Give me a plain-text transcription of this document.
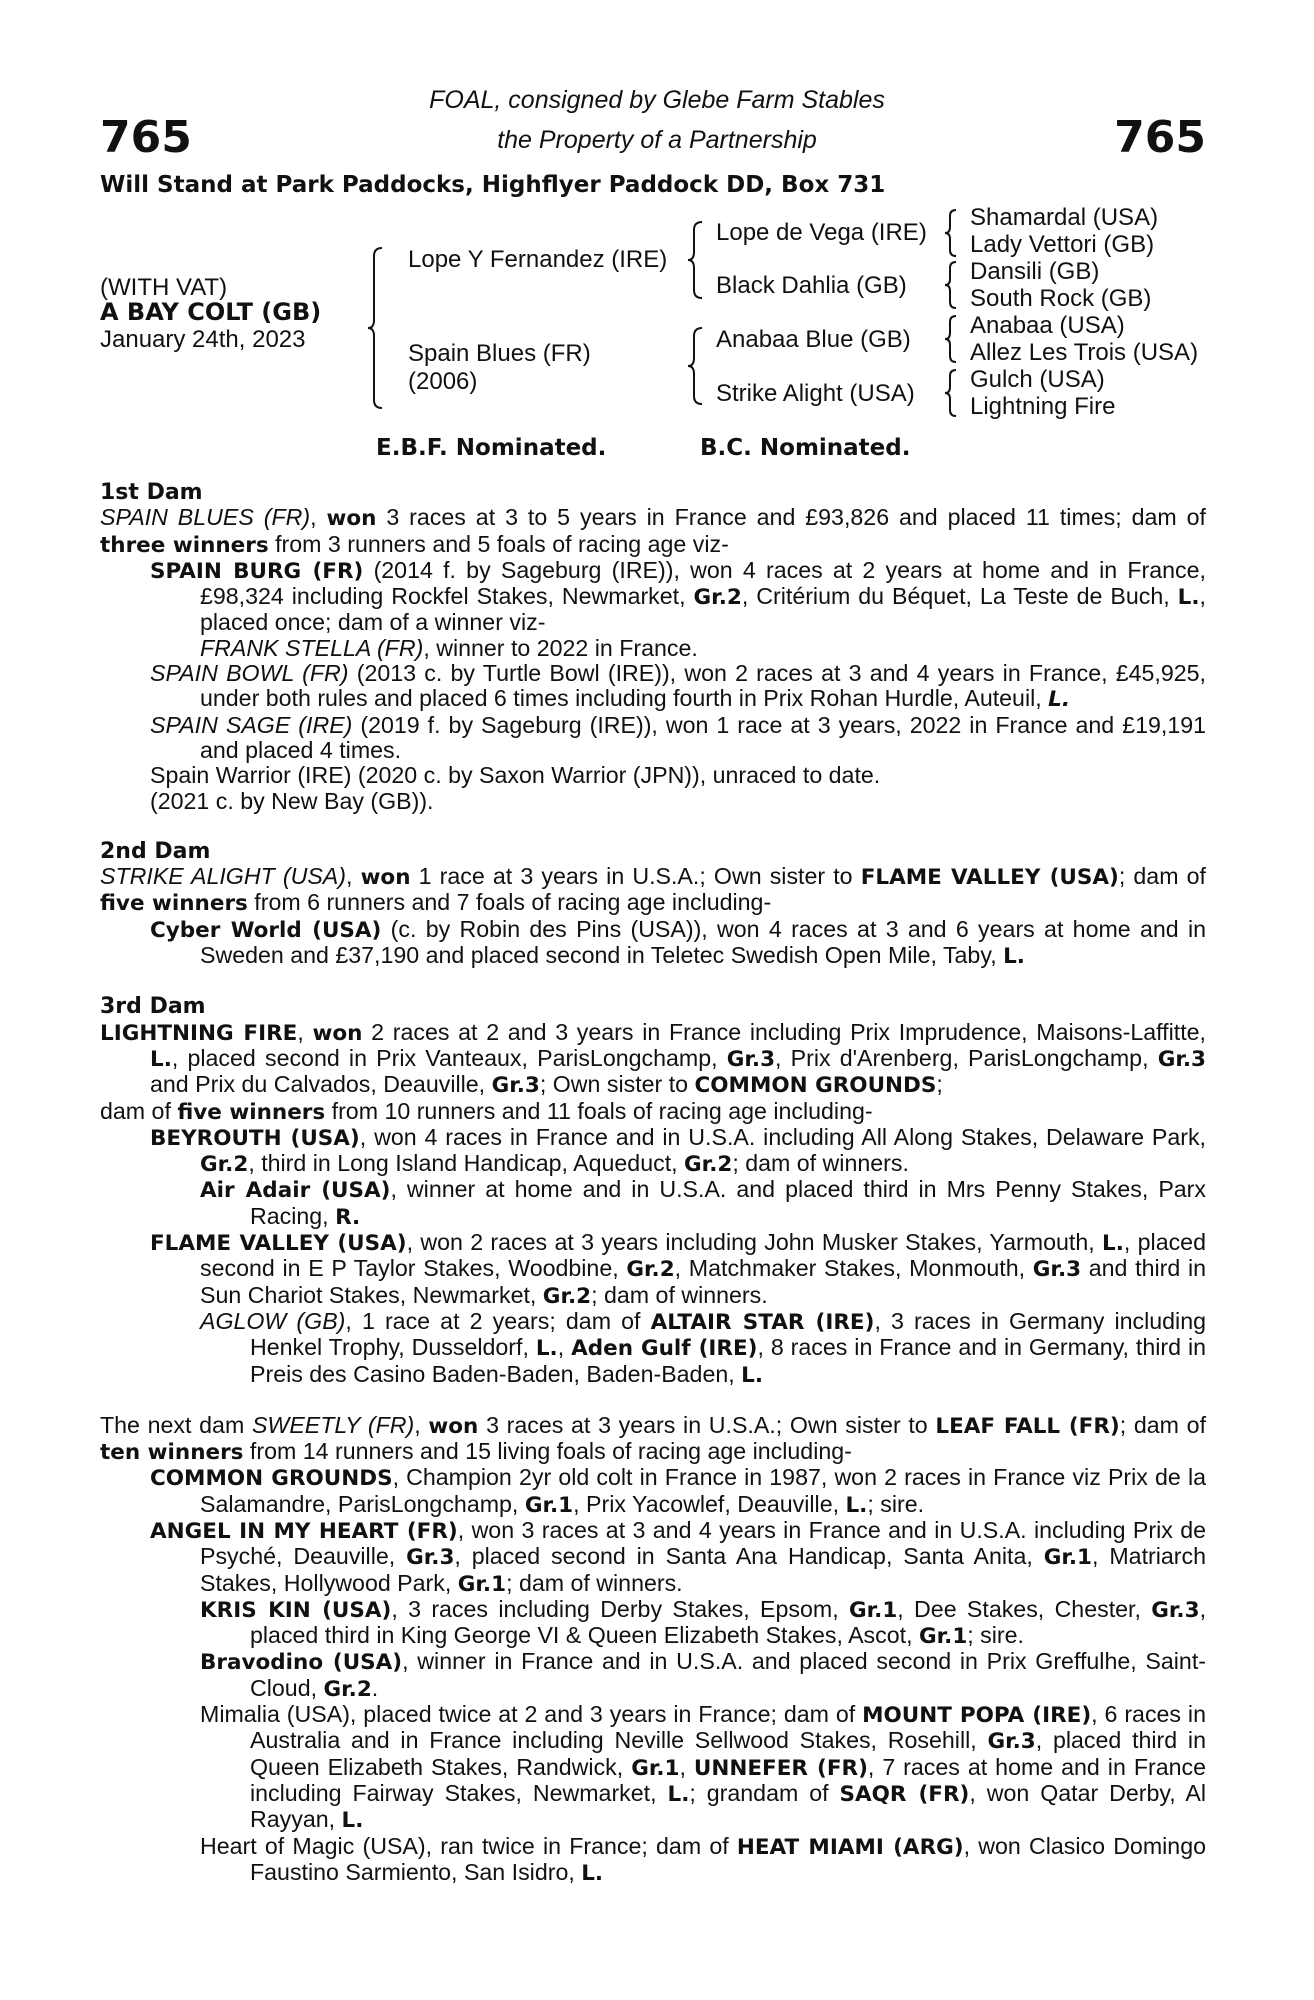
765	765
FOAL, consigned by Glebe Farm Stables
the Property of a Partnership
Will Stand at Park Paddocks, Highflyer Paddock DD, Box 731
(WITH VAT)
A BAY COLT (GB)
January 24th, 2023
Lope Y Fernandez (IRE)
Spain Blues (FR)
(2006)
Lope de Vega (IRE)
Black Dahlia (GB)
Anabaa Blue (GB)
Strike Alight (USA)
Shamardal (USA)
Lady Vettori (GB)
Dansili (GB)
South Rock (GB)
Anabaa (USA)
Allez Les Trois (USA)
Gulch (USA)
Lightning Fire
E.B.F. Nominated.	B.C. Nominated.
1st Dam

SPAIN BLUES (FR), won 3 races at 3 to 5 years in France and £93,826 and placed 11 times; dam of three winners from 3 runners and 5 foals of racing age viz-

SPAIN BURG (FR) (2014 f. by Sageburg (IRE)), won 4 races at 2 years at home and in France, £98,324 including Rockfel Stakes, Newmarket, Gr.2, Critérium du Béquet, La Teste de Buch, L., placed once; dam of a winner viz-

FRANK STELLA (FR), winner to 2022 in France.

SPAIN BOWL (FR) (2013 c. by Turtle Bowl (IRE)), won 2 races at 3 and 4 years in France, £45,925, under both rules and placed 6 times including fourth in Prix Rohan Hurdle, Auteuil, L.

SPAIN SAGE (IRE) (2019 f. by Sageburg (IRE)), won 1 race at 3 years, 2022 in France and £19,191 and placed 4 times.

Spain Warrior (IRE) (2020 c. by Saxon Warrior (JPN)), unraced to date.

(2021 c. by New Bay (GB)).

2nd Dam

STRIKE ALIGHT (USA), won 1 race at 3 years in U.S.A.; Own sister to FLAME VALLEY (USA); dam of five winners from 6 runners and 7 foals of racing age including-

Cyber World (USA) (c. by Robin des Pins (USA)), won 4 races at 3 and 6 years at home and in Sweden and £37,190 and placed second in Teletec Swedish Open Mile, Taby, L.

3rd Dam

LIGHTNING FIRE, won 2 races at 2 and 3 years in France including Prix Imprudence, Maisons-Laffitte, L., placed second in Prix Vanteaux, ParisLongchamp, Gr.3, Prix d'Arenberg, ParisLongchamp, Gr.3 and Prix du Calvados, Deauville, Gr.3; Own sister to COMMON GROUNDS;

dam of five winners from 10 runners and 11 foals of racing age including-

BEYROUTH (USA), won 4 races in France and in U.S.A. including All Along Stakes, Delaware Park, Gr.2, third in Long Island Handicap, Aqueduct, Gr.2; dam of winners.

Air Adair (USA), winner at home and in U.S.A. and placed third in Mrs Penny Stakes, Parx Racing, R.

FLAME VALLEY (USA), won 2 races at 3 years including John Musker Stakes, Yarmouth, L., placed second in E P Taylor Stakes, Woodbine, Gr.2, Matchmaker Stakes, Monmouth, Gr.3 and third in Sun Chariot Stakes, Newmarket, Gr.2; dam of winners.

AGLOW (GB), 1 race at 2 years; dam of ALTAIR STAR (IRE), 3 races in Germany including Henkel Trophy, Dusseldorf, L., Aden Gulf (IRE), 8 races in France and in Germany, third in Preis des Casino Baden-Baden, Baden-Baden, L.

The next dam SWEETLY (FR), won 3 races at 3 years in U.S.A.; Own sister to LEAF FALL (FR); dam of ten winners from 14 runners and 15 living foals of racing age including-

COMMON GROUNDS, Champion 2yr old colt in France in 1987, won 2 races in France viz Prix de la Salamandre, ParisLongchamp, Gr.1, Prix Yacowlef, Deauville, L.; sire.

ANGEL IN MY HEART (FR), won 3 races at 3 and 4 years in France and in U.S.A. including Prix de Psyché, Deauville, Gr.3, placed second in Santa Ana Handicap, Santa Anita, Gr.1, Matriarch Stakes, Hollywood Park, Gr.1; dam of winners.

KRIS KIN (USA), 3 races including Derby Stakes, Epsom, Gr.1, Dee Stakes, Chester, Gr.3, placed third in King George VI & Queen Elizabeth Stakes, Ascot, Gr.1; sire.

Bravodino (USA), winner in France and in U.S.A. and placed second in Prix Greffulhe, Saint-Cloud, Gr.2.

Mimalia (USA), placed twice at 2 and 3 years in France; dam of MOUNT POPA (IRE), 6 races in Australia and in France including Neville Sellwood Stakes, Rosehill, Gr.3, placed third in Queen Elizabeth Stakes, Randwick, Gr.1, UNNEFER (FR), 7 races at home and in France including Fairway Stakes, Newmarket, L.; grandam of SAQR (FR), won Qatar Derby, Al Rayyan, L.

Heart of Magic (USA), ran twice in France; dam of HEAT MIAMI (ARG), won Clasico Domingo Faustino Sarmiento, San Isidro, L.
